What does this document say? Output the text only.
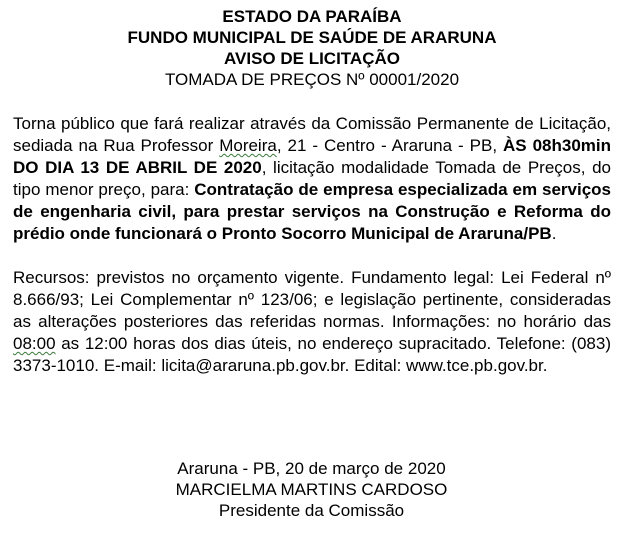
ESTADO DA PARAÍBA
FUNDO MUNICIPAL DE SAÚDE DE ARARUNA
AVISO DE LICITAÇÃO
TOMADA DE PREÇOS Nº 00001/2020

Torna público que fará realizar através da Comissão Permanente de Licitação, sediada na Rua Professor Moreira, 21 - Centro - Araruna - PB, ÀS 08h30min DO DIA 13 DE ABRIL DE 2020, licitação modalidade Tomada de Preços, do tipo menor preço, para: Contratação de empresa especializada em serviços de engenharia civil, para prestar serviços na Construção e Reforma do prédio onde funcionará o Pronto Socorro Municipal de Araruna/PB.

Recursos: previstos no orçamento vigente. Fundamento legal: Lei Federal nº 8.666/93; Lei Complementar nº 123/06; e legislação pertinente, consideradas as alterações posteriores das referidas normas. Informações: no horário das 08:00 as 12:00 horas dos dias úteis, no endereço supracitado. Telefone: (083) 3373-1010. E-mail: licita@araruna.pb.gov.br. Edital: www.tce.pb.gov.br.

Araruna - PB, 20 de março de 2020
MARCIELMA MARTINS CARDOSO
Presidente da Comissão
